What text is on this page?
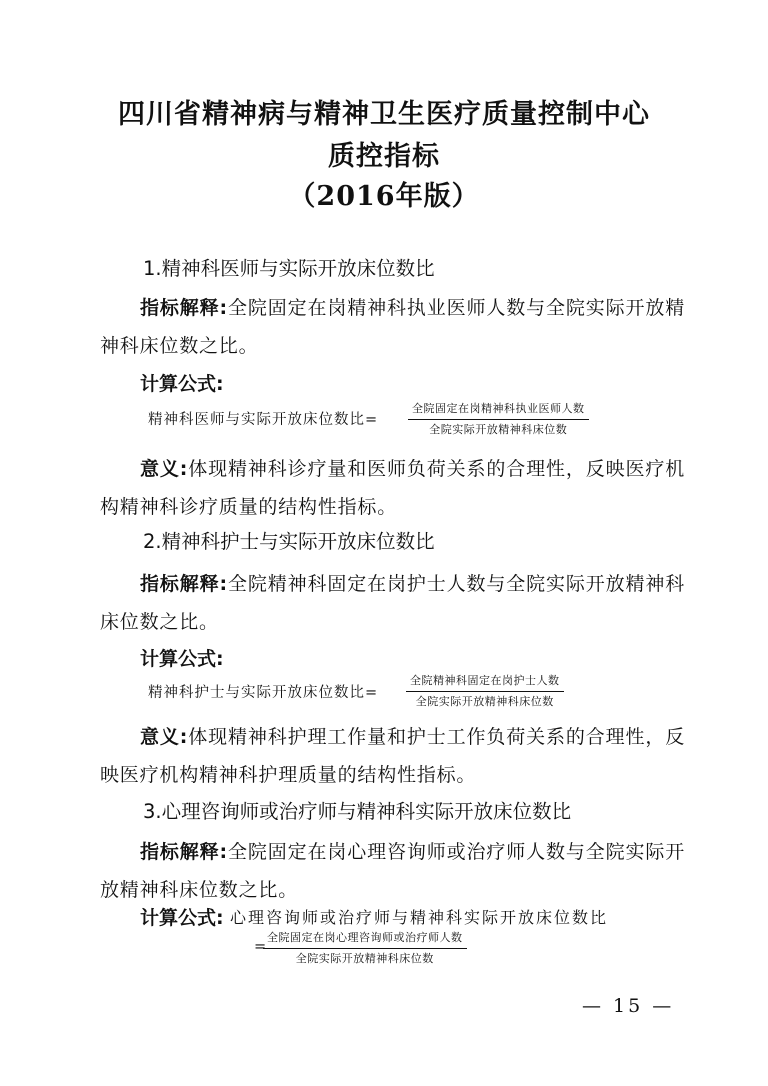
四川省精神病与精神卫生医疗质量控制中心
质控指标
（2016年版）
1.精神科医师与实际开放床位数比
指标解释:全院固定在岗精神科执业医师人数与全院实际开放精神科床位数之比。
计算公式:
精神科医师与实际开放床位数比=
全院固定在岗精神科执业医师人数
全院实际开放精神科床位数
意义:体现精神科诊疗量和医师负荷关系的合理性，反映医疗机构精神科诊疗质量的结构性指标。
2.精神科护士与实际开放床位数比
指标解释:全院精神科固定在岗护士人数与全院实际开放精神科床位数之比。
计算公式:
精神科护士与实际开放床位数比=
全院精神科固定在岗护士人数
全院实际开放精神科床位数
意义:体现精神科护理工作量和护士工作负荷关系的合理性，反映医疗机构精神科护理质量的结构性指标。
3.心理咨询师或治疗师与精神科实际开放床位数比
指标解释:全院固定在岗心理咨询师或治疗师人数与全院实际开放精神科床位数之比。
计算公式: 心理咨询师或治疗师与精神科实际开放床位数比
=
全院固定在岗心理咨询师或治疗师人数
全院实际开放精神科床位数
— 15 —
